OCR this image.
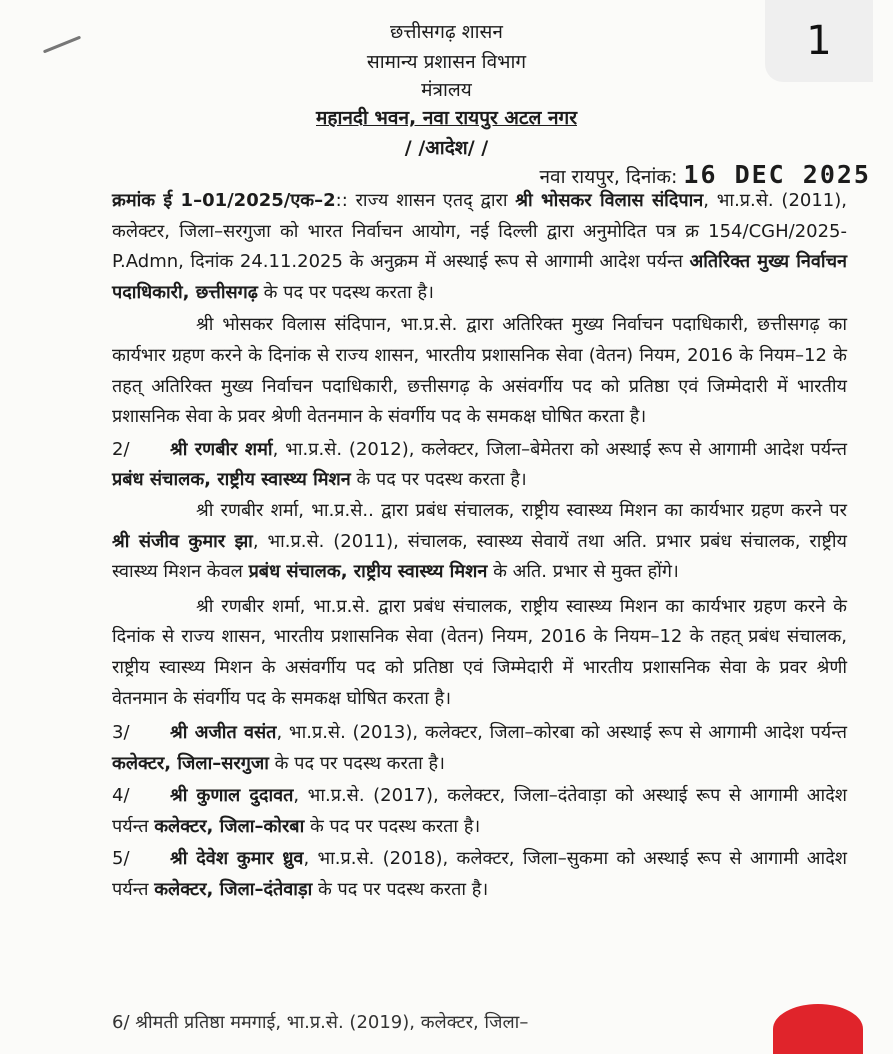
1
छत्तीसगढ़ शासन
सामान्य प्रशासन विभाग
मंत्रालय
महानदी भवन, नवा रायपुर अटल नगर
/ /आदेश/ /
नवा रायपुर, दिनांक: 16 DEC 2025

क्रमांक ई 1–01/2025/एक–2:: राज्य शासन एतद् द्वारा श्री भोसकर विलास संदिपान, भा.प्र.से. (2011), कलेक्टर, जिला–सरगुजा को भारत निर्वाचन आयोग, नई दिल्ली द्वारा अनुमोदित पत्र क्र 154/CGH/2025-P.Admn, दिनांक 24.11.2025 के अनुक्रम में अस्थाई रूप से आगामी आदेश पर्यन्त अतिरिक्त मुख्य निर्वाचन पदाधिकारी, छत्तीसगढ़ के पद पर पदस्थ करता है।

श्री भोसकर विलास संदिपान, भा.प्र.से. द्वारा अतिरिक्त मुख्य निर्वाचन पदाधिकारी, छत्तीसगढ़ का कार्यभार ग्रहण करने के दिनांक से राज्य शासन, भारतीय प्रशासनिक सेवा (वेतन) नियम, 2016 के नियम–12 के तहत् अतिरिक्त मुख्य निर्वाचन पदाधिकारी, छत्तीसगढ़ के असंवर्गीय पद को प्रतिष्ठा एवं जिम्मेदारी में भारतीय प्रशासनिक सेवा के प्रवर श्रेणी वेतनमान के संवर्गीय पद के समकक्ष घोषित करता है।

2/ श्री रणबीर शर्मा, भा.प्र.से. (2012), कलेक्टर, जिला–बेमेतरा को अस्थाई रूप से आगामी आदेश पर्यन्त प्रबंध संचालक, राष्ट्रीय स्वास्थ्य मिशन के पद पर पदस्थ करता है।

श्री रणबीर शर्मा, भा.प्र.से.. द्वारा प्रबंध संचालक, राष्ट्रीय स्वास्थ्य मिशन का कार्यभार ग्रहण करने पर श्री संजीव कुमार झा, भा.प्र.से. (2011), संचालक, स्वास्थ्य सेवायें तथा अति. प्रभार प्रबंध संचालक, राष्ट्रीय स्वास्थ्य मिशन केवल प्रबंध संचालक, राष्ट्रीय स्वास्थ्य मिशन के अति. प्रभार से मुक्त होंगे।

श्री रणबीर शर्मा, भा.प्र.से. द्वारा प्रबंध संचालक, राष्ट्रीय स्वास्थ्य मिशन का कार्यभार ग्रहण करने के दिनांक से राज्य शासन, भारतीय प्रशासनिक सेवा (वेतन) नियम, 2016 के नियम–12 के तहत् प्रबंध संचालक, राष्ट्रीय स्वास्थ्य मिशन के असंवर्गीय पद को प्रतिष्ठा एवं जिम्मेदारी में भारतीय प्रशासनिक सेवा के प्रवर श्रेणी वेतनमान के संवर्गीय पद के समकक्ष घोषित करता है।

3/ श्री अजीत वसंत, भा.प्र.से. (2013), कलेक्टर, जिला–कोरबा को अस्थाई रूप से आगामी आदेश पर्यन्त कलेक्टर, जिला–सरगुजा के पद पर पदस्थ करता है।

4/ श्री कुणाल दुदावत, भा.प्र.से. (2017), कलेक्टर, जिला–दंतेवाड़ा को अस्थाई रूप से आगामी आदेश पर्यन्त कलेक्टर, जिला–कोरबा के पद पर पदस्थ करता है।

5/ श्री देवेश कुमार ध्रुव, भा.प्र.से. (2018), कलेक्टर, जिला–सुकमा को अस्थाई रूप से आगामी आदेश पर्यन्त कलेक्टर, जिला–दंतेवाड़ा के पद पर पदस्थ करता है।

6/ श्रीमती प्रतिष्ठा ममगाई, भा.प्र.से. (2019), कलेक्टर, जिला–
